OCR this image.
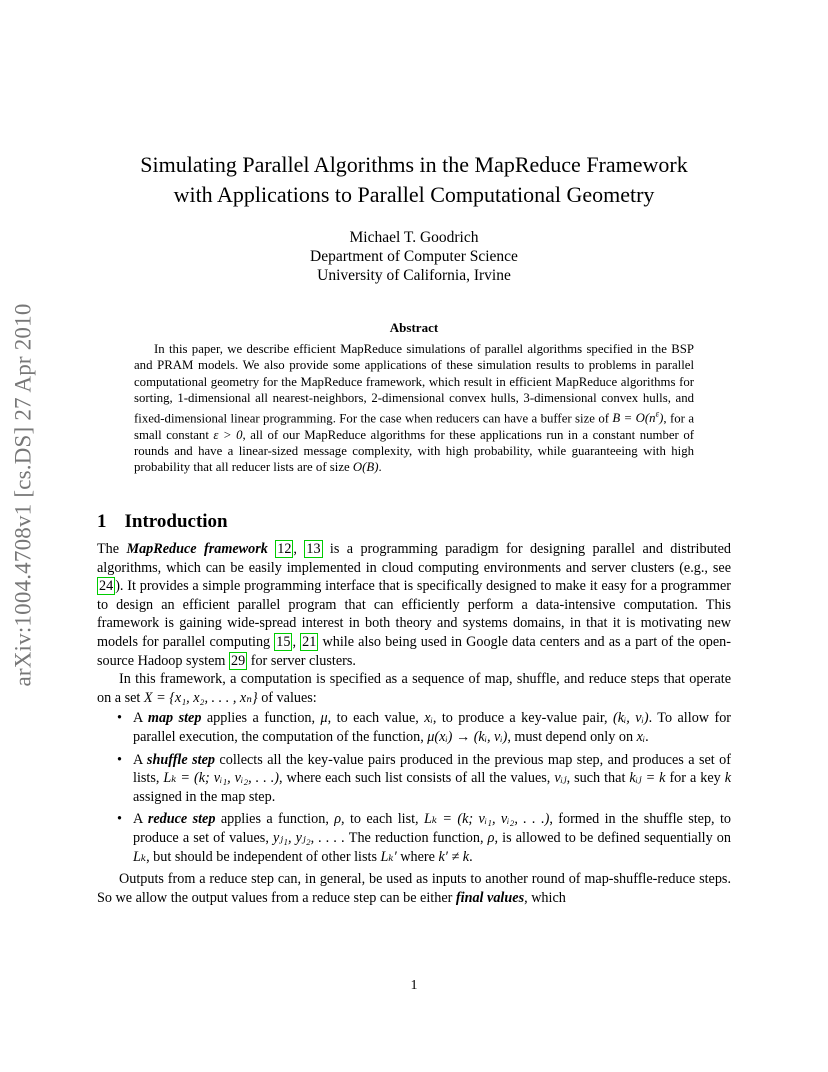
arXiv:1004.4708v1 [cs.DS] 27 Apr 2010
Simulating Parallel Algorithms in the MapReduce Framework
with Applications to Parallel Computational Geometry
Michael T. Goodrich
Department of Computer Science
University of California, Irvine
Abstract

In this paper, we describe efficient MapReduce simulations of parallel algorithms specified in the BSP and PRAM models. We also provide some applications of these simulation results to problems in parallel computational geometry for the MapReduce framework, which result in efficient MapReduce algorithms for sorting, 1-dimensional all nearest-neighbors, 2-dimensional convex hulls, 3-dimensional convex hulls, and fixed-dimensional linear programming. For the case when reducers can have a buffer size of $B = O(n^\varepsilon)$, for a small constant ε > 0, all of our MapReduce algorithms for these applications run in a constant number of rounds and have a linear-sized message complexity, with high probability, while guaranteeing with high probability that all reducer lists are of size O(B).

1 Introduction

The MapReduce framework 12 , 13 is a programming paradigm for designing parallel and distributed algorithms, which can be easily implemented in cloud computing environments and server clusters (e.g., see 24 ). It provides a simple programming interface that is specifically designed to make it easy for a programmer to design an efficient parallel program that can efficiently perform a data-intensive computation. This framework is gaining wide-spread interest in both theory and systems domains, in that it is motivating new models for parallel computing 15 , 21 while also being used in Google data centers and as a part of the open-source Hadoop system 29 for server clusters.

In this framework, a computation is specified as a sequence of map, shuffle, and reduce steps that operate on a set X = {x₁, x₂, . . . , xₙ} of values:

• A map step applies a function, μ, to each value, xᵢ, to produce a key-value pair, (kᵢ, vᵢ). To allow for parallel execution, the computation of the function, μ(xᵢ) → (kᵢ, vᵢ), must depend only on xᵢ.
• A shuffle step collects all the key-value pairs produced in the previous map step, and produces a set of lists, Lₖ = (k; vᵢ₁, vᵢ₂, . . .), where each such list consists of all the values, vᵢⱼ, such that kᵢⱼ = k for a key k assigned in the map step.
• A reduce step applies a function, ρ, to each list, Lₖ = (k; vᵢ₁, vᵢ₂, . . .), formed in the shuffle step, to produce a set of values, yⱼ₁, yⱼ₂, . . . . The reduction function, ρ, is allowed to be defined sequentially on Lₖ, but should be independent of other lists Lₖ′ where k′ ≠ k.

Outputs from a reduce step can, in general, be used as inputs to another round of map-shuffle-reduce steps. So we allow the output values from a reduce step can be either final values, which

1
